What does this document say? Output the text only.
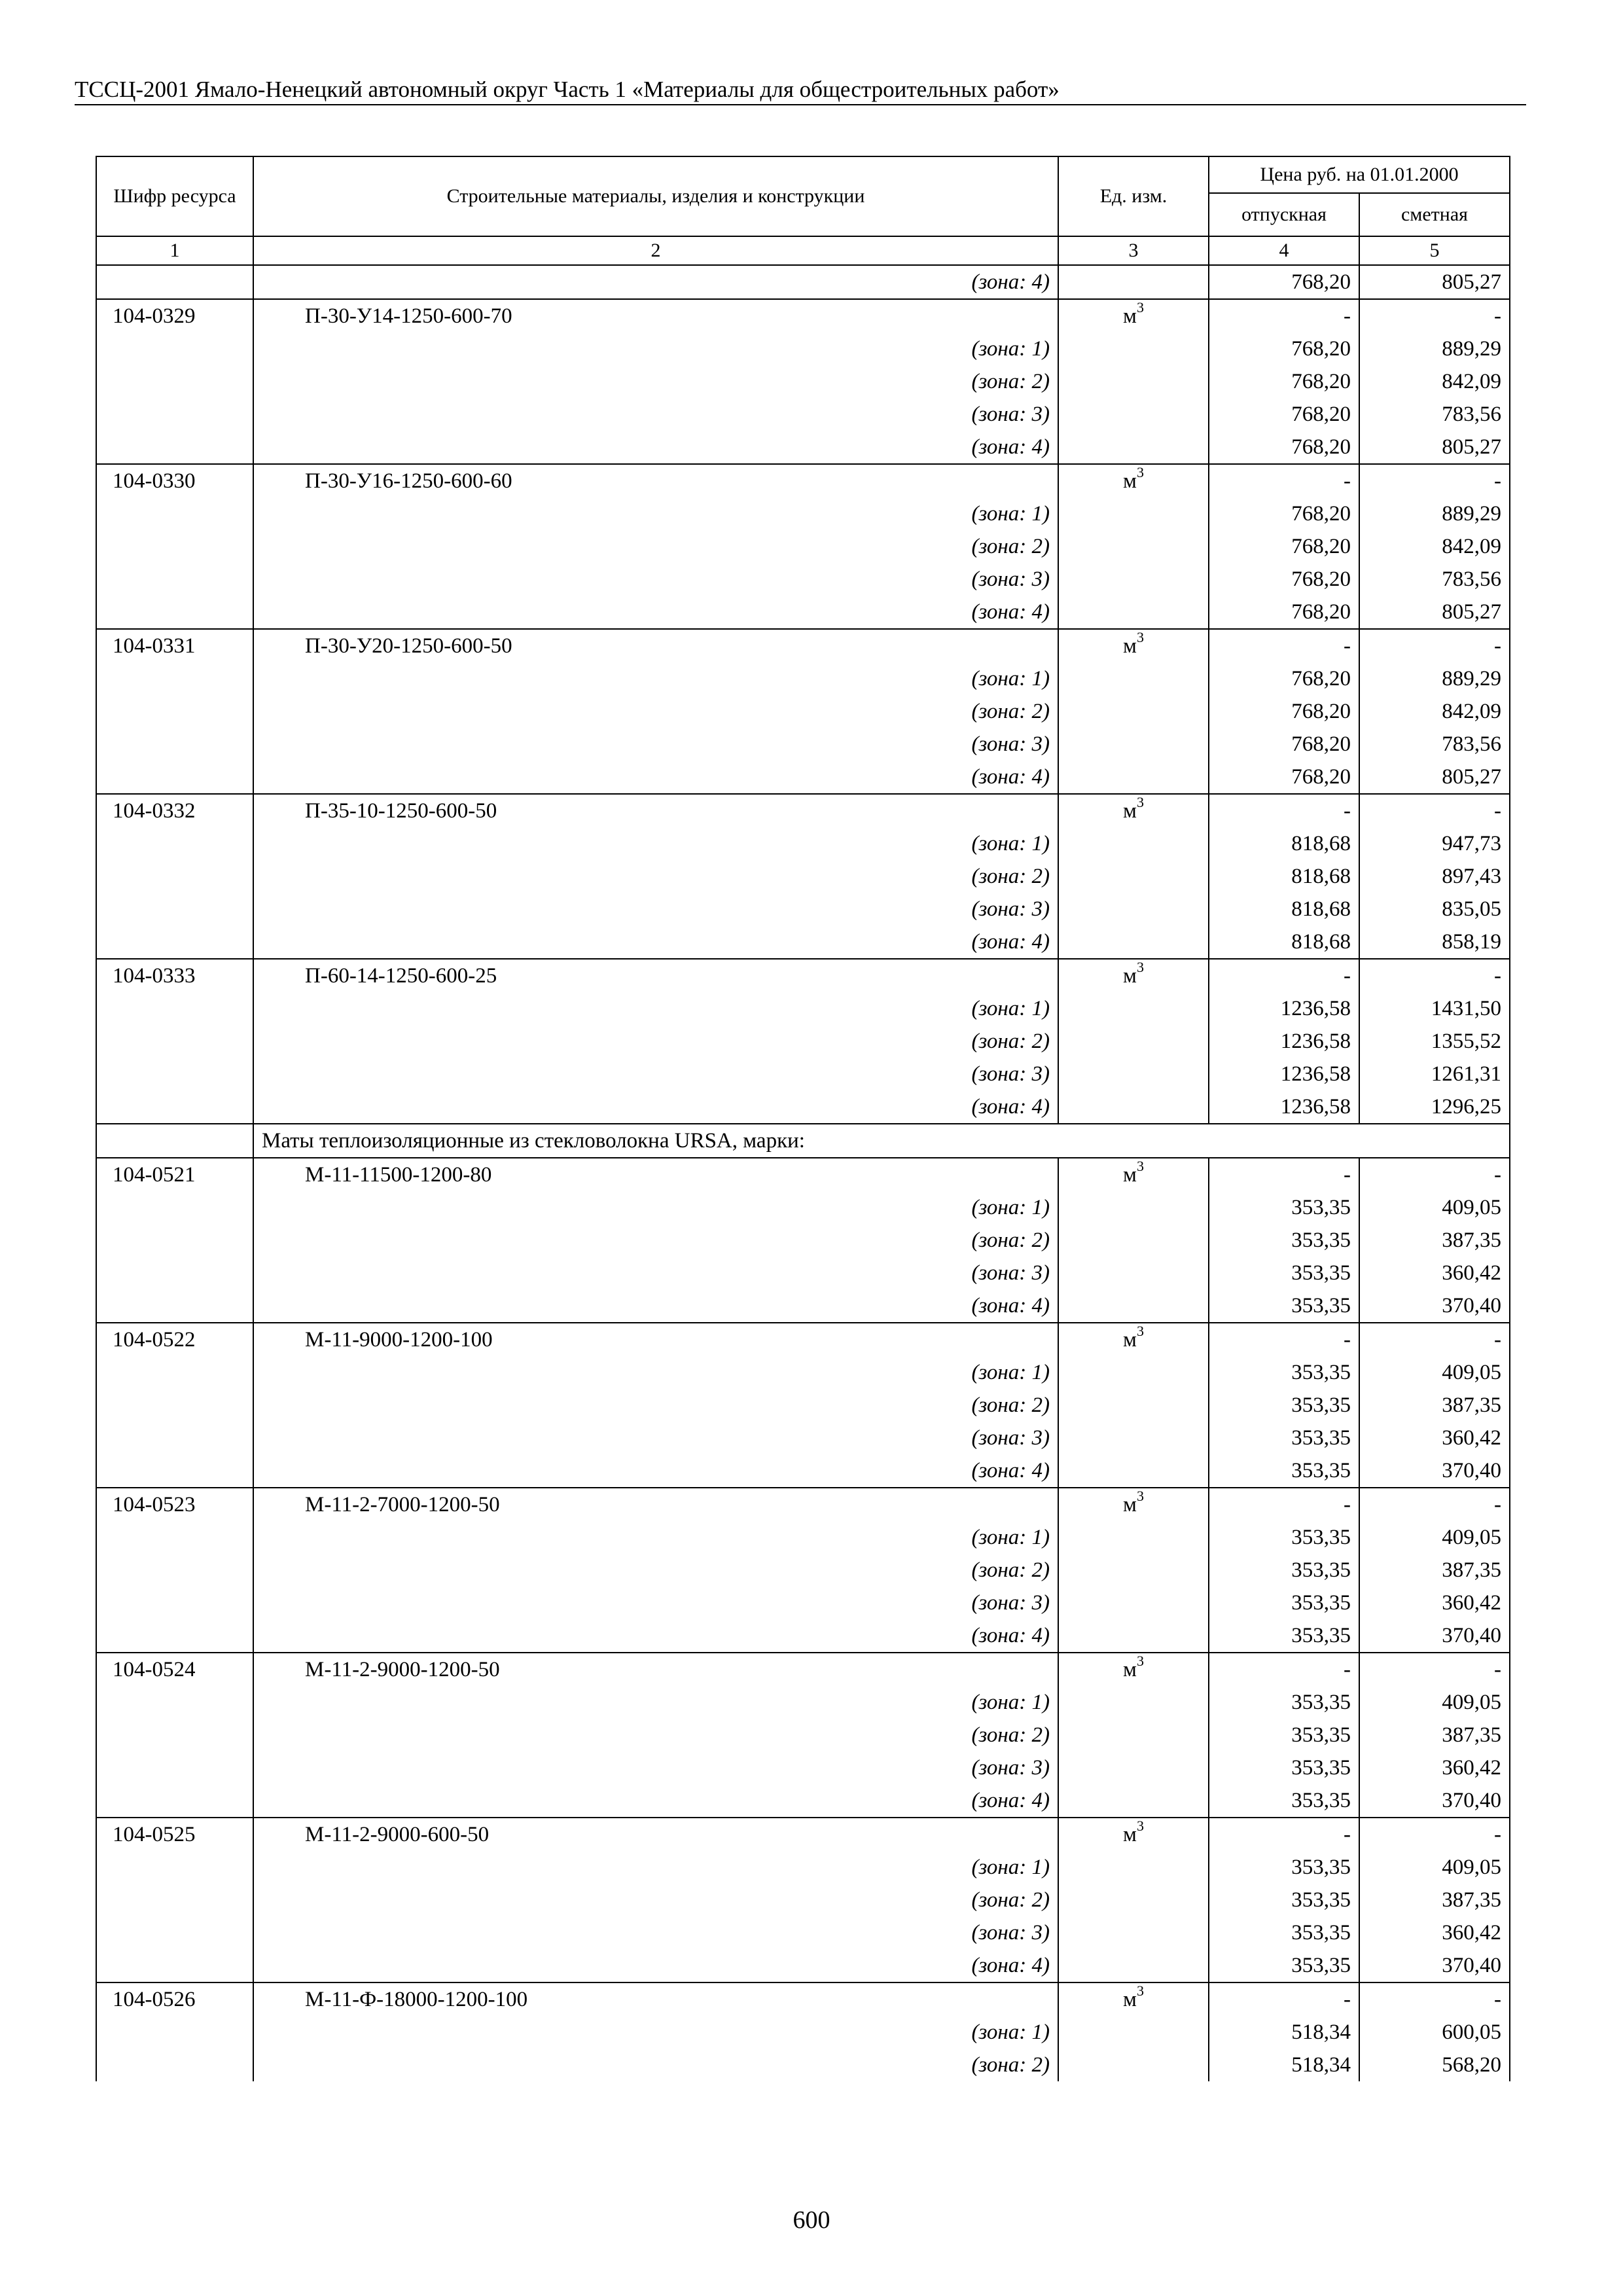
ТССЦ-2001 Ямало-Ненецкий автономный округ Часть 1 «Материалы для общестроительных работ»
Шифр ресурса	Строительные материалы, изделия и конструкции	Ед. изм.	Цена руб. на 01.01.2000	
			отпускная	сметная
1	2	3	4	5
	(зона: 4)		768,20	805,27
104-0329	П-30-У14-1250-600-70	$м^3$	-	-
	(зона: 1)		768,20	889,29
	(зона: 2)		768,20	842,09
	(зона: 3)		768,20	783,56
	(зона: 4)		768,20	805,27
104-0330	П-30-У16-1250-600-60	$м^3$	-	-
	(зона: 1)		768,20	889,29
	(зона: 2)		768,20	842,09
	(зона: 3)		768,20	783,56
	(зона: 4)		768,20	805,27
104-0331	П-30-У20-1250-600-50	$м^3$	-	-
	(зона: 1)		768,20	889,29
	(зона: 2)		768,20	842,09
	(зона: 3)		768,20	783,56
	(зона: 4)		768,20	805,27
104-0332	П-35-10-1250-600-50	$м^3$	-	-
	(зона: 1)		818,68	947,73
	(зона: 2)		818,68	897,43
	(зона: 3)		818,68	835,05
	(зона: 4)		818,68	858,19
104-0333	П-60-14-1250-600-25	$м^3$	-	-
	(зона: 1)		1236,58	1431,50
	(зона: 2)		1236,58	1355,52
	(зона: 3)		1236,58	1261,31
	(зона: 4)		1236,58	1296,25
	Маты теплоизоляционные из стекловолокна URSA, марки:			
104-0521	М-11-11500-1200-80	$м^3$	-	-
	(зона: 1)		353,35	409,05
	(зона: 2)		353,35	387,35
	(зона: 3)		353,35	360,42
	(зона: 4)		353,35	370,40
104-0522	М-11-9000-1200-100	$м^3$	-	-
	(зона: 1)		353,35	409,05
	(зона: 2)		353,35	387,35
	(зона: 3)		353,35	360,42
	(зона: 4)		353,35	370,40
104-0523	М-11-2-7000-1200-50	$м^3$	-	-
	(зона: 1)		353,35	409,05
	(зона: 2)		353,35	387,35
	(зона: 3)		353,35	360,42
	(зона: 4)		353,35	370,40
104-0524	М-11-2-9000-1200-50	$м^3$	-	-
	(зона: 1)		353,35	409,05
	(зона: 2)		353,35	387,35
	(зона: 3)		353,35	360,42
	(зона: 4)		353,35	370,40
104-0525	М-11-2-9000-600-50	$м^3$	-	-
	(зона: 1)		353,35	409,05
	(зона: 2)		353,35	387,35
	(зона: 3)		353,35	360,42
	(зона: 4)		353,35	370,40
104-0526	М-11-Ф-18000-1200-100	$м^3$	-	-
	(зона: 1)		518,34	600,05
	(зона: 2)		518,34	568,20
600
